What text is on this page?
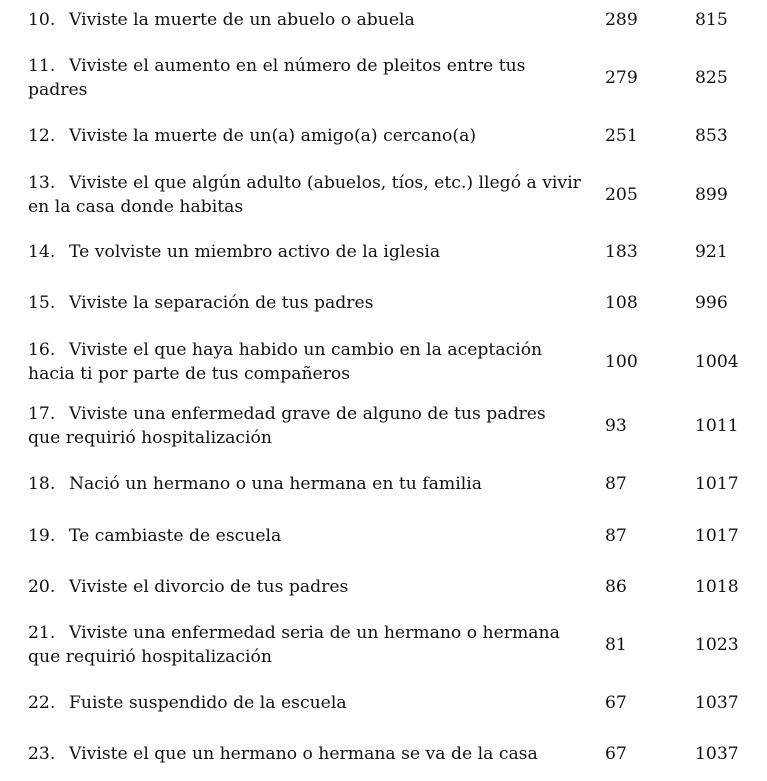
10. Viviste la muerte de un abuelo o abuela	289	815
11. Viviste el aumento en el número de pleitos entre tus
padres
279	825
12. Viviste la muerte de un(a) amigo(a) cercano(a)	251	853
13. Viviste el que algún adulto (abuelos, tíos, etc.) llegó a vivir
en la casa donde habitas
205	899
14. Te volviste un miembro activo de la iglesia	183	921
15. Viviste la separación de tus padres	108	996
16. Viviste el que haya habido un cambio en la aceptación
hacia ti por parte de tus compañeros
100	1004
17. Viviste una enfermedad grave de alguno de tus padres
que requirió hospitalización
93	1011
18. Nació un hermano o una hermana en tu familia	87	1017
19. Te cambiaste de escuela	87	1017
20. Viviste el divorcio de tus padres	86	1018
21. Viviste una enfermedad seria de un hermano o hermana
que requirió hospitalización
81	1023
22. Fuiste suspendido de la escuela	67	1037
23. Viviste el que un hermano o hermana se va de la casa	67	1037
